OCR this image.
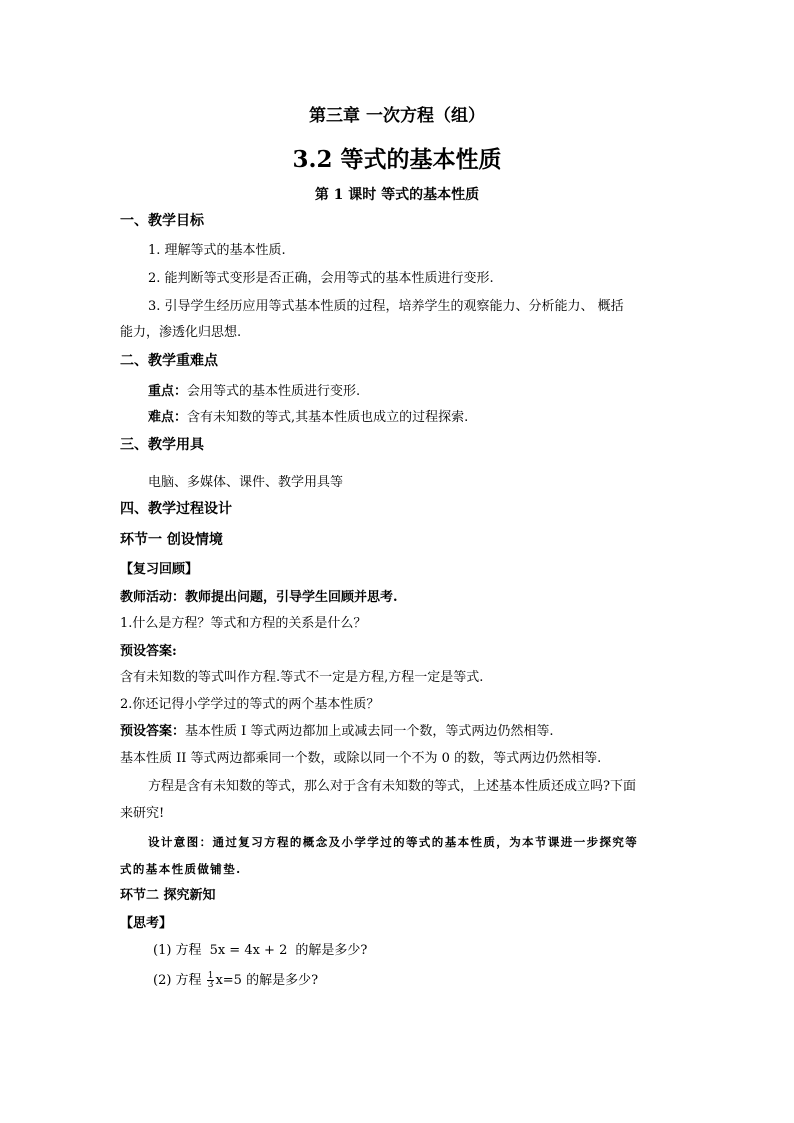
第三章 一次方程（组）
3.2 等式的基本性质
第 1 课时 等式的基本性质
一、教学目标
1. 理解等式的基本性质.
2. 能判断等式变形是否正确，会用等式的基本性质进行变形.
3. 引导学生经历应用等式基本性质的过程，培养学生的观察能力、分析能力、 概括
能力，渗透化归思想.
二、教学重难点
重点：会用等式的基本性质进行变形.
难点：含有未知数的等式,其基本性质也成立的过程探索.
三、教学用具
电脑、多媒体、课件、教学用具等
四、教学过程设计
环节一 创设情境
【复习回顾】
教师活动：教师提出问题，引导学生回顾并思考.
1.什么是方程？等式和方程的关系是什么？
预设答案:
含有未知数的等式叫作方程.等式不一定是方程,方程一定是等式.
2.你还记得小学学过的等式的两个基本性质？
预设答案：基本性质 I 等式两边都加上或减去同一个数，等式两边仍然相等.
基本性质 II 等式两边都乘同一个数，或除以同一个不为 0 的数，等式两边仍然相等.
方程是含有未知数的等式，那么对于含有未知数的等式，上述基本性质还成立吗?下面
来研究!
设计意图：通过复习方程的概念及小学学过的等式的基本性质，为本节课进一步探究等
式的基本性质做铺垫.
环节二 探究新知
【思考】
(1) 方程 5x = 4x + 2 的解是多少?
(2) 方程 $\frac{1}{3} x=5$ 的解是多少?
